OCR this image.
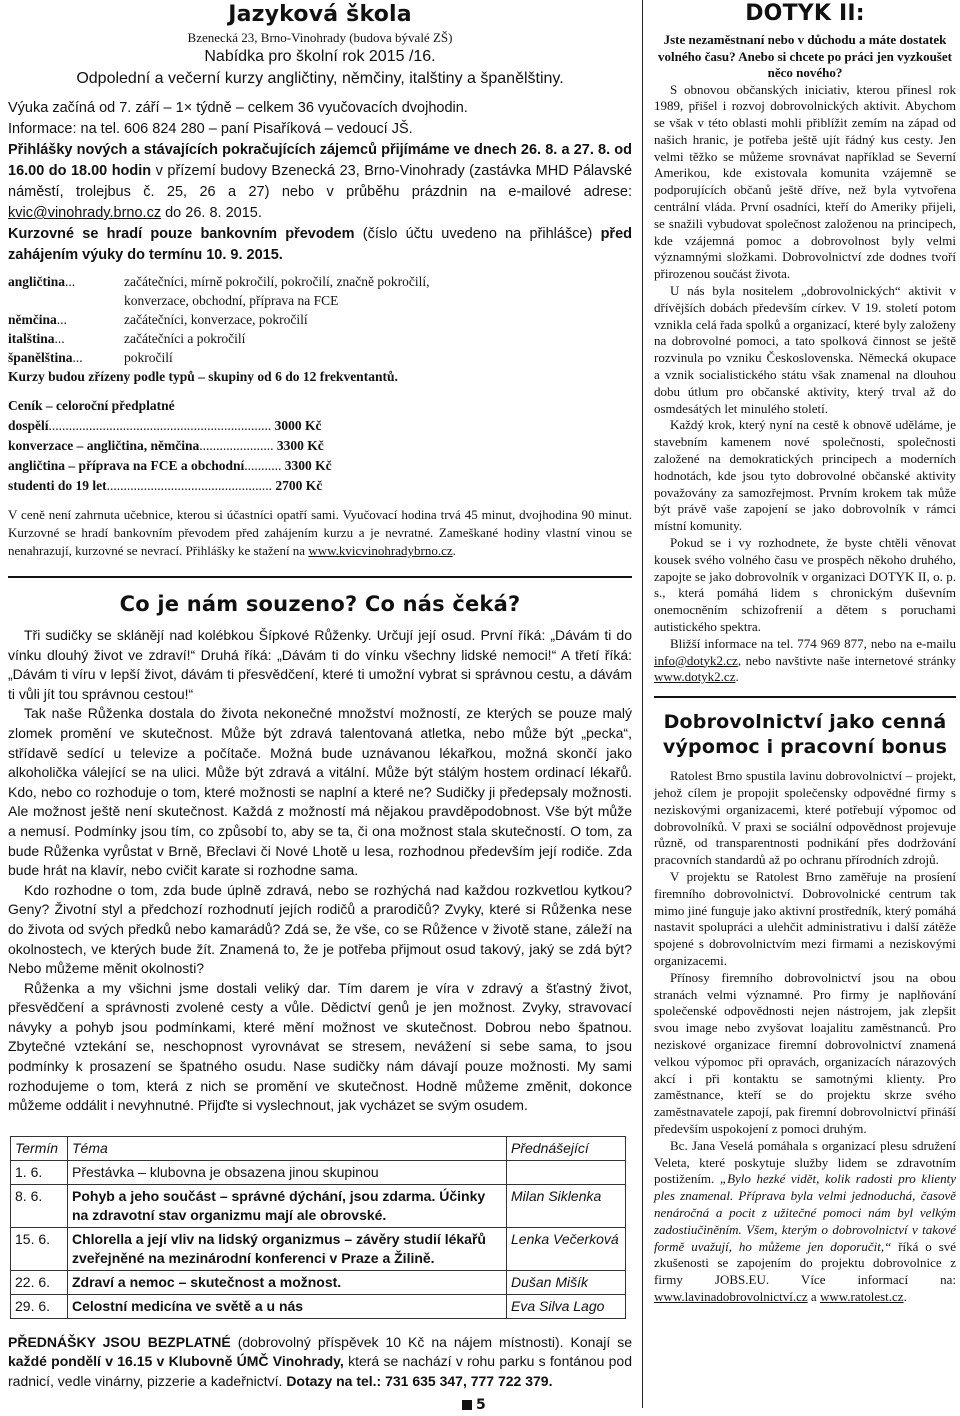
Jazyková škola

Bzenecká 23, Brno-Vinohrady (budova bývalé ZŠ)

Nabídka pro školní rok 2015 /16.

Odpolední a večerní kurzy angličtiny, němčiny, italštiny a španělštiny.

Výuka začíná od 7. září – 1× týdně – celkem 36 vyučovacích dvojhodin.

Informace: na tel. 606 824 280 – paní Pisaříková – vedoucí JŠ.

Přihlášky nových a stávajících pokračujících zájemců přijímáme ve dnech 26. 8. a 27. 8. od 16.00 do 18.00 hodin v přízemí budovy Bzenecká 23, Brno-Vinohrady (zastávka MHD Pálavské náměstí, trolejbus č. 25, 26 a 27) nebo v průběhu prázdnin na e-mailové adrese: kvic@vinohrady.brno.cz do 26. 8. 2015.

Kurzovné se hradí pouze bankovním převodem (číslo účtu uvedeno na přihlášce) před zahájením výuky do termínu 10. 9. 2015.

angličtina...	začátečníci, mírně pokročilí, pokročilí, značně pokročilí,
konverzace, obchodní, příprava na FCE
němčina...	začátečníci, konverzace, pokročilí
italština...	začátečníci a pokročilí
španělština...	pokročilí

Kurzy budou zřízeny podle typů – skupiny od 6 do 12 frekventantů.

Ceník – celoroční předplatné

dospělí.................................................................. 3000 Kč

konverzace – angličtina, němčina...................... 3300 Kč

angličtina – příprava na FCE a obchodní........... 3300 Kč

studenti do 19 let................................................. 2700 Kč

V ceně není zahrnuta učebnice, kterou si účastníci opatří sami. Vyučovací hodina trvá 45 minut, dvojhodina 90 minut. Kurzovné se hradí bankovním převodem před zahájením kurzu a je nevratné. Zameškané hodiny vlastní vinou se nenahrazují, kurzovné se nevrací. Přihlášky ke stažení na www.kvicvinohradybrno.cz.

Co je nám souzeno? Co nás čeká?

Tři sudičky se sklánějí nad kolébkou Šípkové Růženky. Určují její osud. První říká: „Dávám ti do vínku dlouhý život ve zdraví!“ Druhá říká: „Dávám ti do vínku všechny lidské nemoci!“ A třetí říká: „Dávám ti víru v lepší život, dávám ti přesvědčení, které ti umožní vybrat si správnou cestu, a dávám ti vůli jít tou správnou cestou!“

Tak naše Růženka dostala do života nekonečné množství možností, ze kterých se pouze malý zlomek promění ve skutečnost. Může být zdravá talentovaná atletka, nebo může být „pecka“, střídavě sedící u televize a počítače. Možná bude uznávanou lékařkou, možná skončí jako alkoholička válející se na ulici. Může být zdravá a vitální. Může být stálým hostem ordinací lékařů. Kdo, nebo co rozhoduje o tom, které možnosti se naplní a které ne? Sudičky ji předepsaly možnosti. Ale možnost ještě není skutečnost. Každá z možností má nějakou pravděpodobnost. Vše být může a nemusí. Podmínky jsou tím, co způsobí to, aby se ta, či ona možnost stala skutečností. O tom, za bude Růženka vyrůstat v Brně, Břeclavi či Nové Lhotě u lesa, rozhodnou především její rodiče. Zda bude hrát na klavír, nebo cvičit karate si rozhodne sama.

Kdo rozhodne o tom, zda bude úplně zdravá, nebo se rozhýchá nad každou rozkvetlou kytkou? Geny? Životní styl a předchozí rozhodnutí jejích rodičů a prarodičů? Zvyky, které si Růženka nese do života od svých předků nebo kamarádů? Zdá se, že vše, co se Růžence v životě stane, záleží na okolnostech, ve kterých bude žít. Znamená to, že je potřeba přijmout osud takový, jaký se zdá být? Nebo můžeme měnit okolnosti?

Růženka a my všichni jsme dostali veliký dar. Tím darem je víra v zdravý a šťastný život, přesvědčení a správnosti zvolené cesty a vůle. Dědictví genů je jen možnost. Zvyky, stravovací návyky a pohyb jsou podmínkami, které mění možnost ve skutečnost. Dobrou nebo špatnou. Zbytečné vztekání se, neschopnost vyrovnávat se stresem, nevážení si sebe sama, to jsou podmínky k prosazení se špatného osudu. Nase sudičky nám dávají pouze možnosti. My sami rozhodujeme o tom, která z nich se promění ve skutečnost. Hodně můžeme změnit, dokonce můžeme oddálit i nevyhnutné. Přijďte si vyslechnout, jak vycházet se svým osudem.

Termín	Téma	Přednášející
1. 6.	Přestávka – klubovna je obsazena jinou skupinou	
8. 6.	Pohyb a jeho součást – správné dýchání, jsou zdarma. Účinky na zdravotní stav organizmu mají ale obrovské.	Milan Siklenka
15. 6.	Chlorella a její vliv na lidský organizmus – závěry studií lékařů zveřejněné na mezinárodní konferenci v Praze a Žilině.	Lenka Večerková
22. 6.	Zdraví a nemoc – skutečnost a možnost.	Dušan Mišík
29. 6.	Celostní medicína ve světě a u nás	Eva Silva Lago

PŘEDNÁŠKY JSOU BEZPLATNÉ (dobrovolný příspěvek 10 Kč na nájem místnosti). Konají se každé pondělí v 16.15 v Klubovně ÚMČ Vinohrady, která se nachází v rohu parku s fontánou pod radnicí, vedle vinárny, pizzerie a kadeřnictví. Dotazy na tel.: 731 635 347, 777 722 379.

DOTYK II:

Jste nezaměstnaní nebo v důchodu a máte dostatek volného času? Anebo si chcete po práci jen vyzkoušet něco nového?

S obnovou občanských iniciativ, kterou přinesl rok 1989, přišel i rozvoj dobrovolnických aktivit. Abychom se však v této oblasti mohli přiblížit zemím na západ od našich hranic, je potřeba ještě ujít řádný kus cesty. Jen velmi těžko se můžeme srovnávat například se Severní Amerikou, kde existovala komunita vzájemně se podporujících občanů ještě dříve, než byla vytvořena centrální vláda. První osadníci, kteří do Ameriky přijeli, se snažili vybudovat společnost založenou na principech, kde vzájemná pomoc a dobrovolnost byly velmi významnými složkami. Dobrovolnictví zde dodnes tvoří přirozenou součást života.

U nás byla nositelem „dobrovolnických“ aktivit v dřívějších dobách především církev. V 19. století potom vznikla celá řada spolků a organizací, které byly založeny na dobrovolné pomoci, a tato spolková činnost se ještě rozvinula po vzniku Československa. Německá okupace a vznik socialistického státu však znamenal na dlouhou dobu útlum pro občanské aktivity, který trval až do osmdesátých let minulého století.

Každý krok, který nyní na cestě k obnově uděláme, je stavebním kamenem nové společnosti, společnosti založené na demokratických principech a moderních hodnotách, kde jsou tyto dobrovolné občanské aktivity považovány za samozřejmost. Prvním krokem tak může být právě vaše zapojení se jako dobrovolník v rámci místní komunity.

Pokud se i vy rozhodnete, že byste chtěli věnovat kousek svého volného času ve prospěch někoho druhého, zapojte se jako dobrovolník v organizaci DOTYK II, o. p. s., která pomáhá lidem s chronickým duševním onemocněním schizofrenií a dětem s poruchami autistického spektra.

Bližší informace na tel. 774 969 877, nebo na e-mailu info@dotyk2.cz, nebo navštivte naše internetové stránky www.dotyk2.cz.

Dobrovolnictví jako cenná výpomoc i pracovní bonus

Ratolest Brno spustila lavinu dobrovolnictví – projekt, jehož cílem je propojit společensky odpovědné firmy s neziskovými organizacemi, které potřebují výpomoc od dobrovolníků. V praxi se sociální odpovědnost projevuje různě, od transparentnosti podnikání přes dodržování pracovních standardů až po ochranu přírodních zdrojů.

V projektu se Ratolest Brno zaměřuje na prosíení firemního dobrovolnictví. Dobrovolnické centrum tak mimo jiné funguje jako aktivní prostředník, který pomáhá nastavit spolupráci a ulehčit administrativu i další zátěže spojené s dobrovolnictvím mezi firmami a neziskovými organizacemi.

Přínosy firemního dobrovolnictví jsou na obou stranách velmi významné. Pro firmy je naplňování společenské odpovědnosti nejen nástrojem, jak zlepšit svou image nebo zvyšovat loajalitu zaměstnanců. Pro neziskové organizace firemní dobrovolnictví znamená velkou výpomoc při opravách, organizacích nárazových akcí i při kontaktu se samotnými klienty. Pro zaměstnance, kteří se do projektu skrze svého zaměstnavatele zapojí, pak firemní dobrovolnictví přináší především uspokojení z pomoci druhým.

Bc. Jana Veselá pomáhala s organizací plesu sdružení Veleta, které poskytuje služby lidem se zdravotním postižením. „Bylo hezké vidět, kolik radosti pro klienty ples znamenal. Příprava byla velmi jednoduchá, časově nenáročná a pocit z užitečné pomoci nám byl velkým zadostiučiněním. Všem, kterým o dobrovolnictví v takové formě uvažují, ho můžeme jen doporučit,“ říká o své zkušenosti se zapojením do projektu dobrovolnice z firmy JOBS.EU. Více informací na: www.lavinadobrovolnictví.cz a www.ratolest.cz.

5
